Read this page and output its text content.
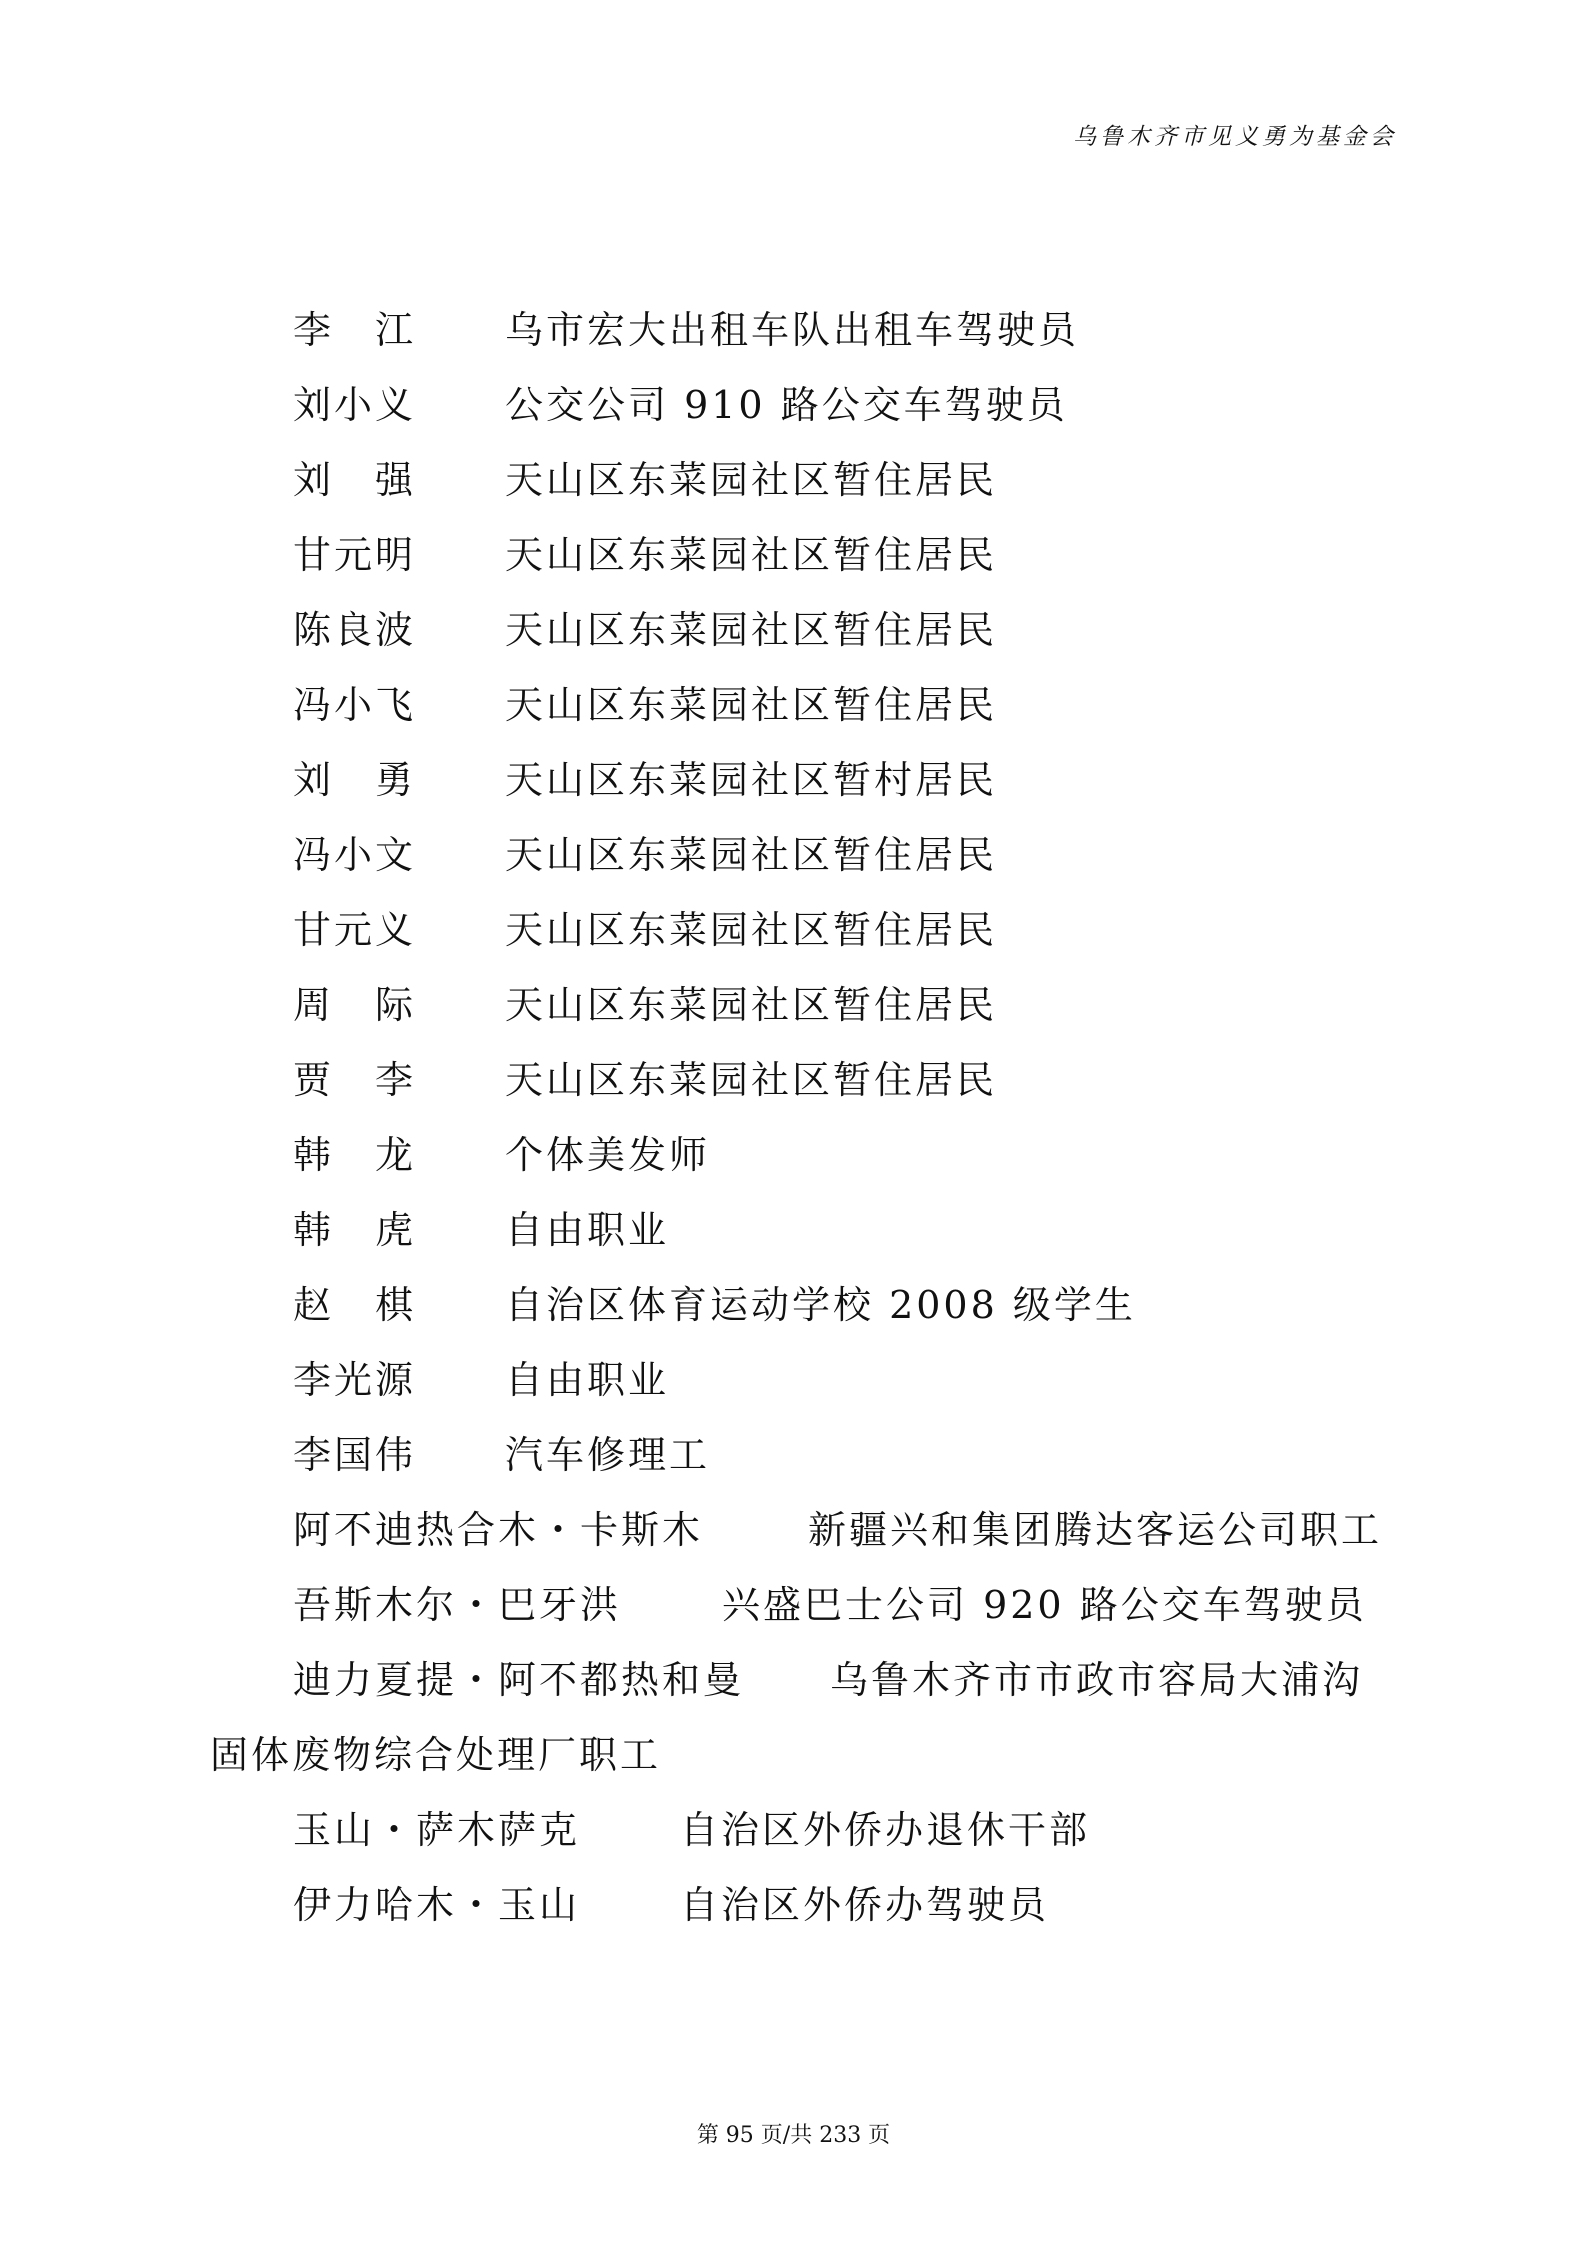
乌鲁木齐市见义勇为基金会
李　江 乌市宏大出租车队出租车驾驶员
刘小义 公交公司 910 路公交车驾驶员
刘　强 天山区东菜园社区暂住居民
甘元明 天山区东菜园社区暂住居民
陈良波 天山区东菜园社区暂住居民
冯小飞 天山区东菜园社区暂住居民
刘　勇 天山区东菜园社区暂村居民
冯小文 天山区东菜园社区暂住居民
甘元义 天山区东菜园社区暂住居民
周　际 天山区东菜园社区暂住居民
贾　李 天山区东菜园社区暂住居民
韩　龙 个体美发师
韩　虎 自由职业
赵　棋 自治区体育运动学校 2008 级学生
李光源 自由职业
李国伟 汽车修理工
阿不迪热合木・卡斯木	新疆兴和集团腾达客运公司职工
吾斯木尔・巴牙洪	兴盛巴士公司 920 路公交车驾驶员
迪力夏提・阿不都热和曼 乌鲁木齐市市政市容局大浦沟
固体废物综合处理厂职工
玉山・萨木萨克	自治区外侨办退休干部
伊力哈木・玉山	自治区外侨办驾驶员
第 95 页/共 233 页
